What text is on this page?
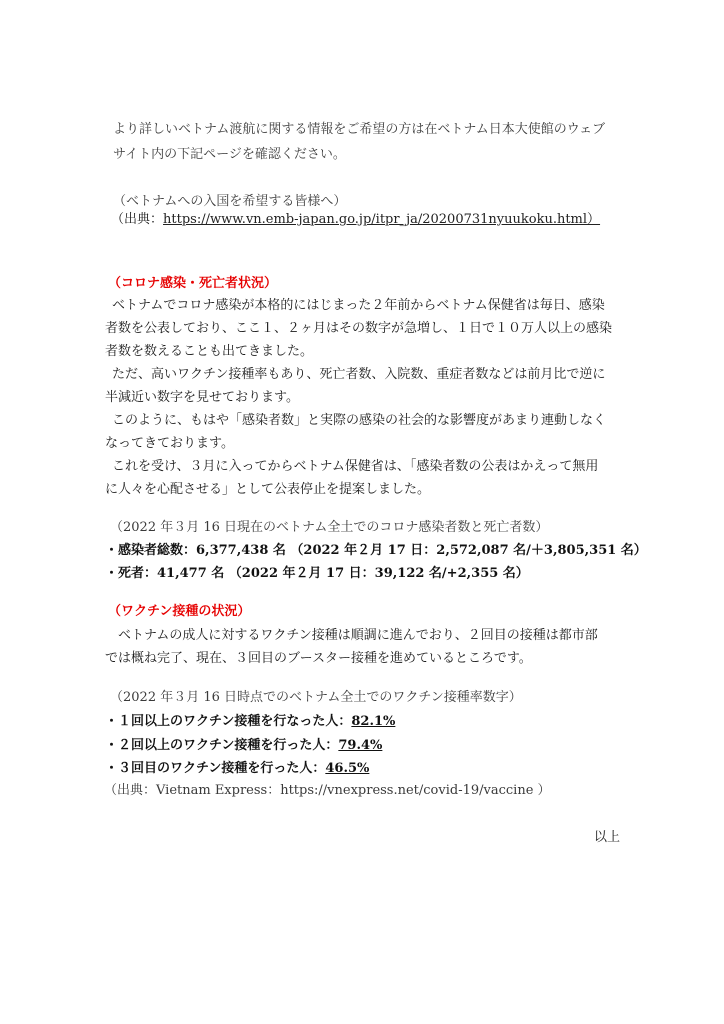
より詳しいベトナム渡航に関する情報をご希望の方は在ベトナム日本大使館のウェブ
サイト内の下記ページを確認ください。
（ベトナムへの入国を希望する皆様へ）
（出典：https://www.vn.emb-japan.go.jp/itpr_ja/20200731nyuukoku.html）
（コロナ感染・死亡者状況）
ベトナムでコロナ感染が本格的にはじまった２年前からベトナム保健省は毎日、感染
者数を公表しており、ここ１、２ヶ月はその数字が急増し、１日で１０万人以上の感染
者数を数えることも出てきました。
ただ、高いワクチン接種率もあり、死亡者数、入院数、重症者数などは前月比で逆に
半減近い数字を見せております。
このように、もはや「感染者数」と実際の感染の社会的な影響度があまり連動しなく
なってきております。
これを受け、３月に入ってからベトナム保健省は、「感染者数の公表はかえって無用
に人々を心配させる」として公表停止を提案しました。
（2022 年３月 16 日現在のベトナム全土でのコロナ感染者数と死亡者数）
・感染者総数：6,377,438 名 （2022 年２月 17 日：2,572,087 名/＋3,805,351 名）
・死者：41,477 名 （2022 年２月 17 日：39,122 名/+2,355 名）
（ワクチン接種の状況）
ベトナムの成人に対するワクチン接種は順調に進んでおり、２回目の接種は都市部
では概ね完了、現在、３回目のブースター接種を進めているところです。
（2022 年３月 16 日時点でのベトナム全土でのワクチン接種率数字）
・１回以上のワクチン接種を行なった人：82.1%
・２回以上のワクチン接種を行った人：79.4%
・３回目のワクチン接種を行った人：46.5%
（出典：Vietnam Express：https://vnexpress.net/covid-19/vaccine ）
以上
